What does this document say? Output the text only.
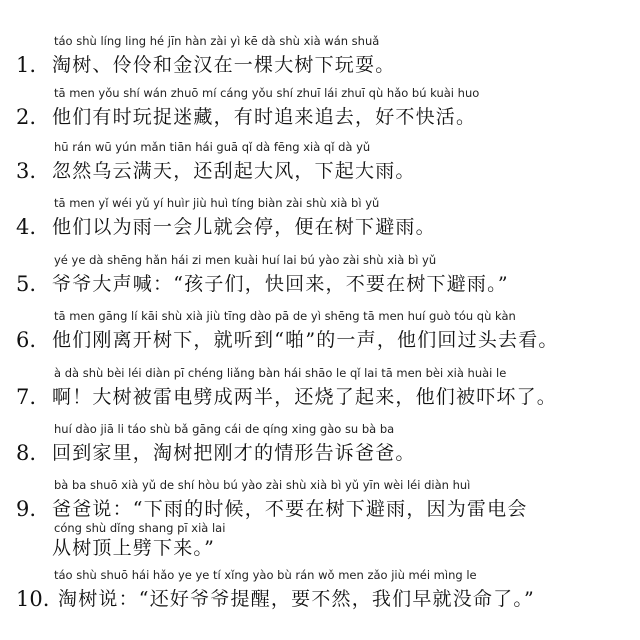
táo shù líng ling hé jīn hàn zài yì kē dà shù xià wán shuǎ
1. 淘树、伶伶和金汉在一棵大树下玩耍。
tā men yǒu shí wán zhuō mí cáng yǒu shí zhuī lái zhuī qù hǎo bú kuài huo
2. 他们有时玩捉迷藏，有时追来追去，好不快活。
hū rán wū yún mǎn tiān hái guā qǐ dà fēng xià qǐ dà yǔ
3. 忽然乌云满天，还刮起大风，下起大雨。
tā men yǐ wéi yǔ yí huìr jiù huì tíng biàn zài shù xià bì yǔ
4. 他们以为雨一会儿就会停，便在树下避雨。
yé ye dà shēng hǎn hái zi men kuài huí lai bú yào zài shù xià bì yǔ
5. 爷爷大声喊：“孩子们，快回来，不要在树下避雨。”
tā men gāng lí kāi shù xià jiù tīng dào pā de yì shēng tā men huí guò tóu qù kàn
6. 他们刚离开树下，就听到“啪”的一声，他们回过头去看。
à dà shù bèi léi diàn pī chéng liǎng bàn hái shāo le qǐ lai tā men bèi xià huài le
7. 啊！大树被雷电劈成两半，还烧了起来，他们被吓坏了。
huí dào jiā li táo shù bǎ gāng cái de qíng xing gào su bà ba
8. 回到家里，淘树把刚才的情形告诉爸爸。
bà ba shuō xià yǔ de shí hòu bú yào zài shù xià bì yǔ yīn wèi léi diàn huì
9. 爸爸说：“下雨的时候，不要在树下避雨，因为雷电会
cóng shù dǐng shang pī xià lai
从树顶上劈下来。”
táo shù shuō hái hǎo ye ye tí xǐng yào bù rán wǒ men zǎo jiù méi mìng le
10. 淘树说：“还好爷爷提醒，要不然，我们早就没命了。”
